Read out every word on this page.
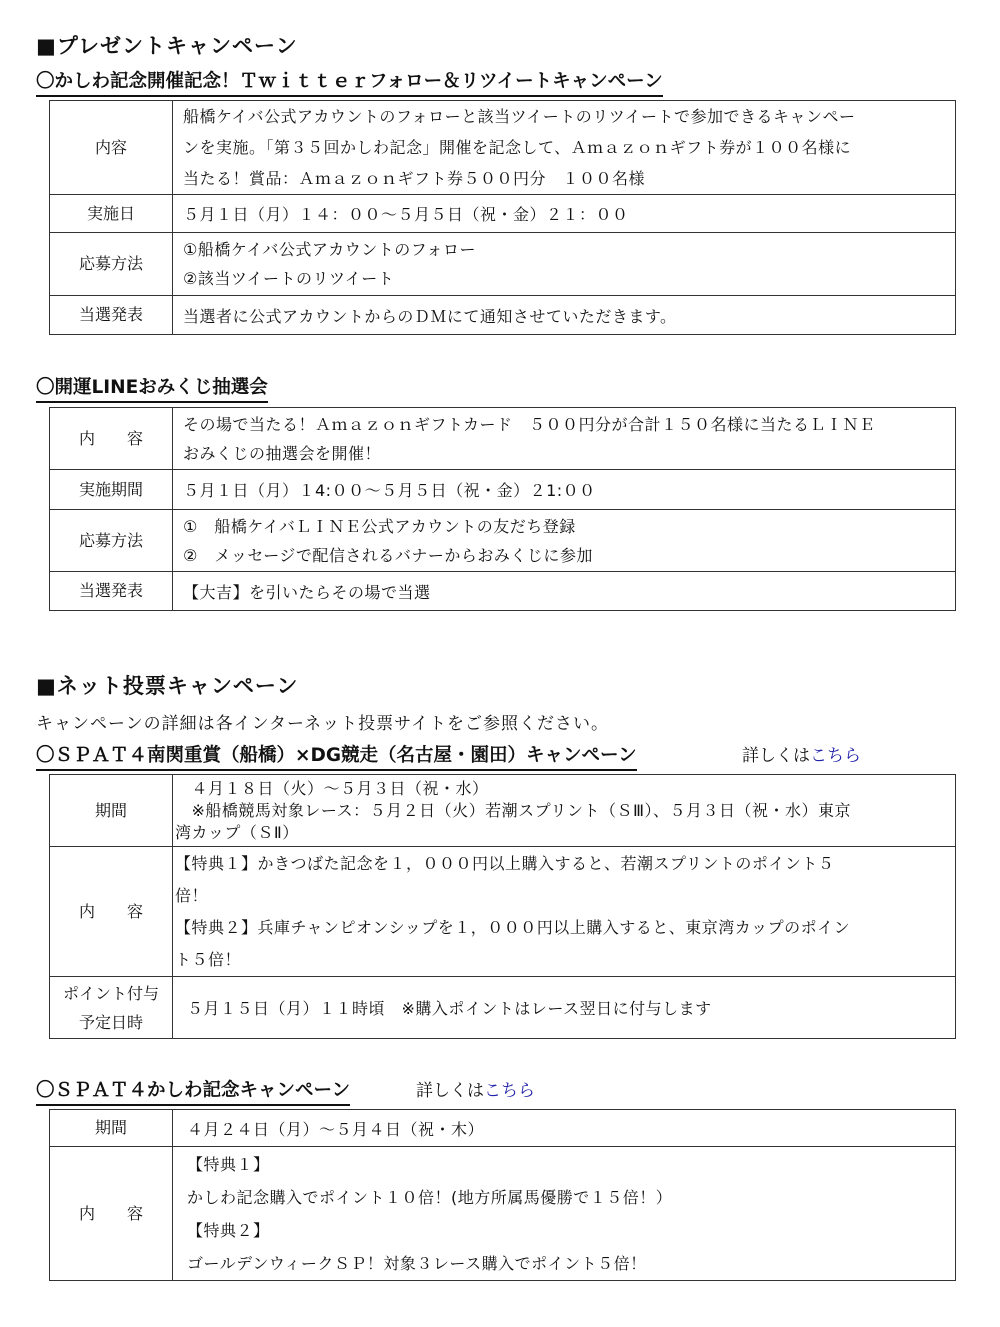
■プレゼントキャンペーン
〇かしわ記念開催記念！Ｔｗｉｔｔｅｒフォロー＆リツイートキャンペーン
内容	船橋ケイバ公式アカウントのフォローと該当ツイートのリツイートで参加できるキャンペー
ンを実施。「第３５回かしわ記念」開催を記念して、Ａｍａｚｏｎギフト券が１００名様に
当たる！賞品：Ａｍａｚｏｎギフト券５００円分　１００名様

実施日	５月１日（月）１４：００～５月５日（祝・金）２１：００

応募方法	①船橋ケイバ公式アカウントのフォロー
②該当ツイートのリツイート

当選発表	当選者に公式アカウントからのＤＭにて通知させていただきます。
〇開運LINEおみくじ抽選会
内　　容	その場で当たる！Ａｍａｚｏｎギフトカード　５００円分が合計１５０名様に当たるＬＩＮＥ
おみくじの抽選会を開催！

実施期間	５月１日（月）１4:００～５月５日（祝・金）２1:００

応募方法	①　船橋ケイバＬＩＮＥ公式アカウントの友だち登録
②　メッセージで配信されるバナーからおみくじに参加

当選発表	【大吉】を引いたらその場で当選
■ネット投票キャンペーン
キャンペーンの詳細は各インターネット投票サイトをご参照ください。
〇ＳＰＡＴ４南関重賞（船橋）×DG競走（名古屋・園田）キャンペーン	詳しくはこちら
期間	　４月１８日（火）～５月３日（祝・水）
　※船橋競馬対象レース：５月２日（火）若潮スプリント（ＳⅢ）、５月３日（祝・水）東京
湾カップ（ＳⅡ）

内　　容	【特典１】かきつばた記念を１，０００円以上購入すると、若潮スプリントのポイント５
倍！
【特典２】兵庫チャンピオンシップを１，０００円以上購入すると、東京湾カップのポイン
ト５倍！

ポイント付与
予定日時	５月１５日（月）１１時頃　※購入ポイントはレース翌日に付与します
〇ＳＰＡＴ４かしわ記念キャンペーン	詳しくはこちら
期間	４月２４日（月）～５月４日（祝・木）

内　　容	【特典１】
かしわ記念購入でポイント１０倍！(地方所属馬優勝で１５倍！）
【特典２】
ゴールデンウィークＳＰ！対象３レース購入でポイント５倍！
